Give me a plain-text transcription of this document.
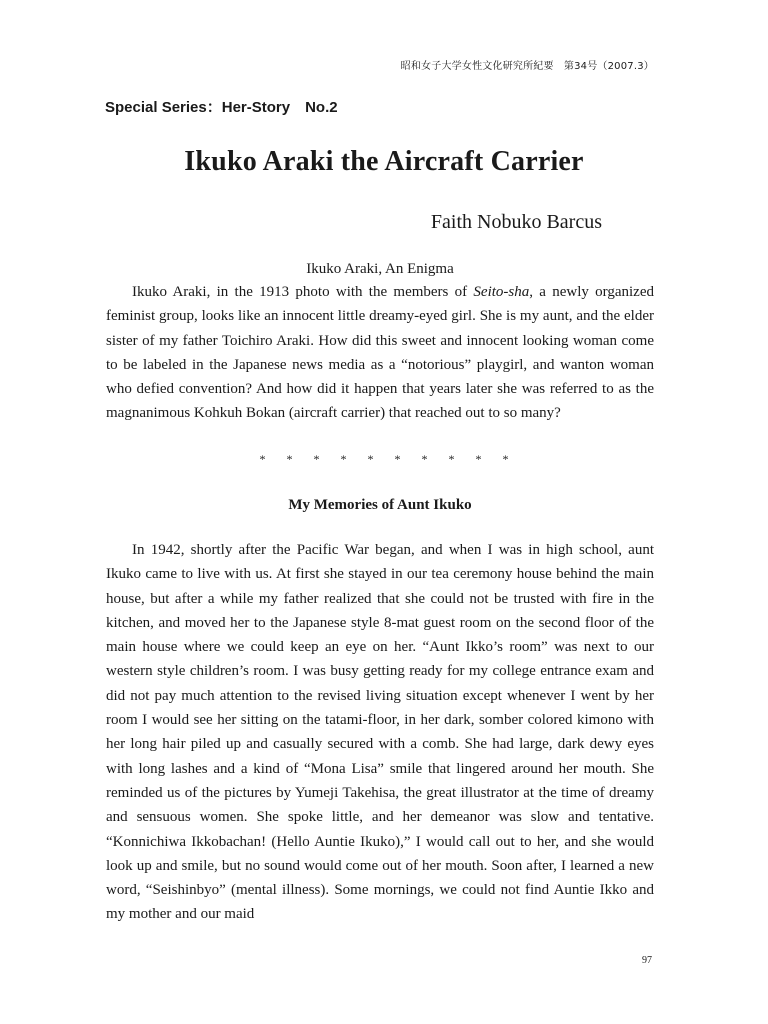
昭和女子大学女性文化研究所紀要　第34号（2007.3）
Special Series：Her-Story　No.2
Ikuko Araki the Aircraft Carrier
Faith Nobuko Barcus

Ikuko Araki, An Enigma

Ikuko Araki, in the 1913 photo with the members of Seito-sha, a newly organized feminist group, looks like an innocent little dreamy-eyed girl. She is my aunt, and the elder sister of my father Toichiro Araki. How did this sweet and innocent looking woman come to be labeled in the Japanese news media as a “notorious” playgirl, and wanton woman who defied convention? And how did it happen that years later she was referred to as the magnanimous Kohkuh Bokan (aircraft carrier) that reached out to so many?

* * * * * * * * * *

My Memories of Aunt Ikuko

In 1942, shortly after the Pacific War began, and when I was in high school, aunt Ikuko came to live with us. At first she stayed in our tea ceremony house behind the main house, but after a while my father realized that she could not be trusted with fire in the kitchen, and moved her to the Japanese style 8-mat guest room on the second floor of the main house where we could keep an eye on her. “Aunt Ikko’s room” was next to our western style children’s room. I was busy getting ready for my college entrance exam and did not pay much attention to the revised living situation except whenever I went by her room I would see her sitting on the tatami-floor, in her dark, somber colored kimono with her long hair piled up and casually secured with a comb. She had large, dark dewy eyes with long lashes and a kind of “Mona Lisa” smile that lingered around her mouth. She reminded us of the pictures by Yumeji Takehisa, the great illustrator at the time of dreamy and sensuous women. She spoke little, and her demeanor was slow and tentative. “Konnichiwa Ikkobachan! (Hello Auntie Ikuko),” I would call out to her, and she would look up and smile, but no sound would come out of her mouth. Soon after, I learned a new word, “Seishinbyo” (mental illness). Some mornings, we could not find Auntie Ikko and my mother and our maid

97
